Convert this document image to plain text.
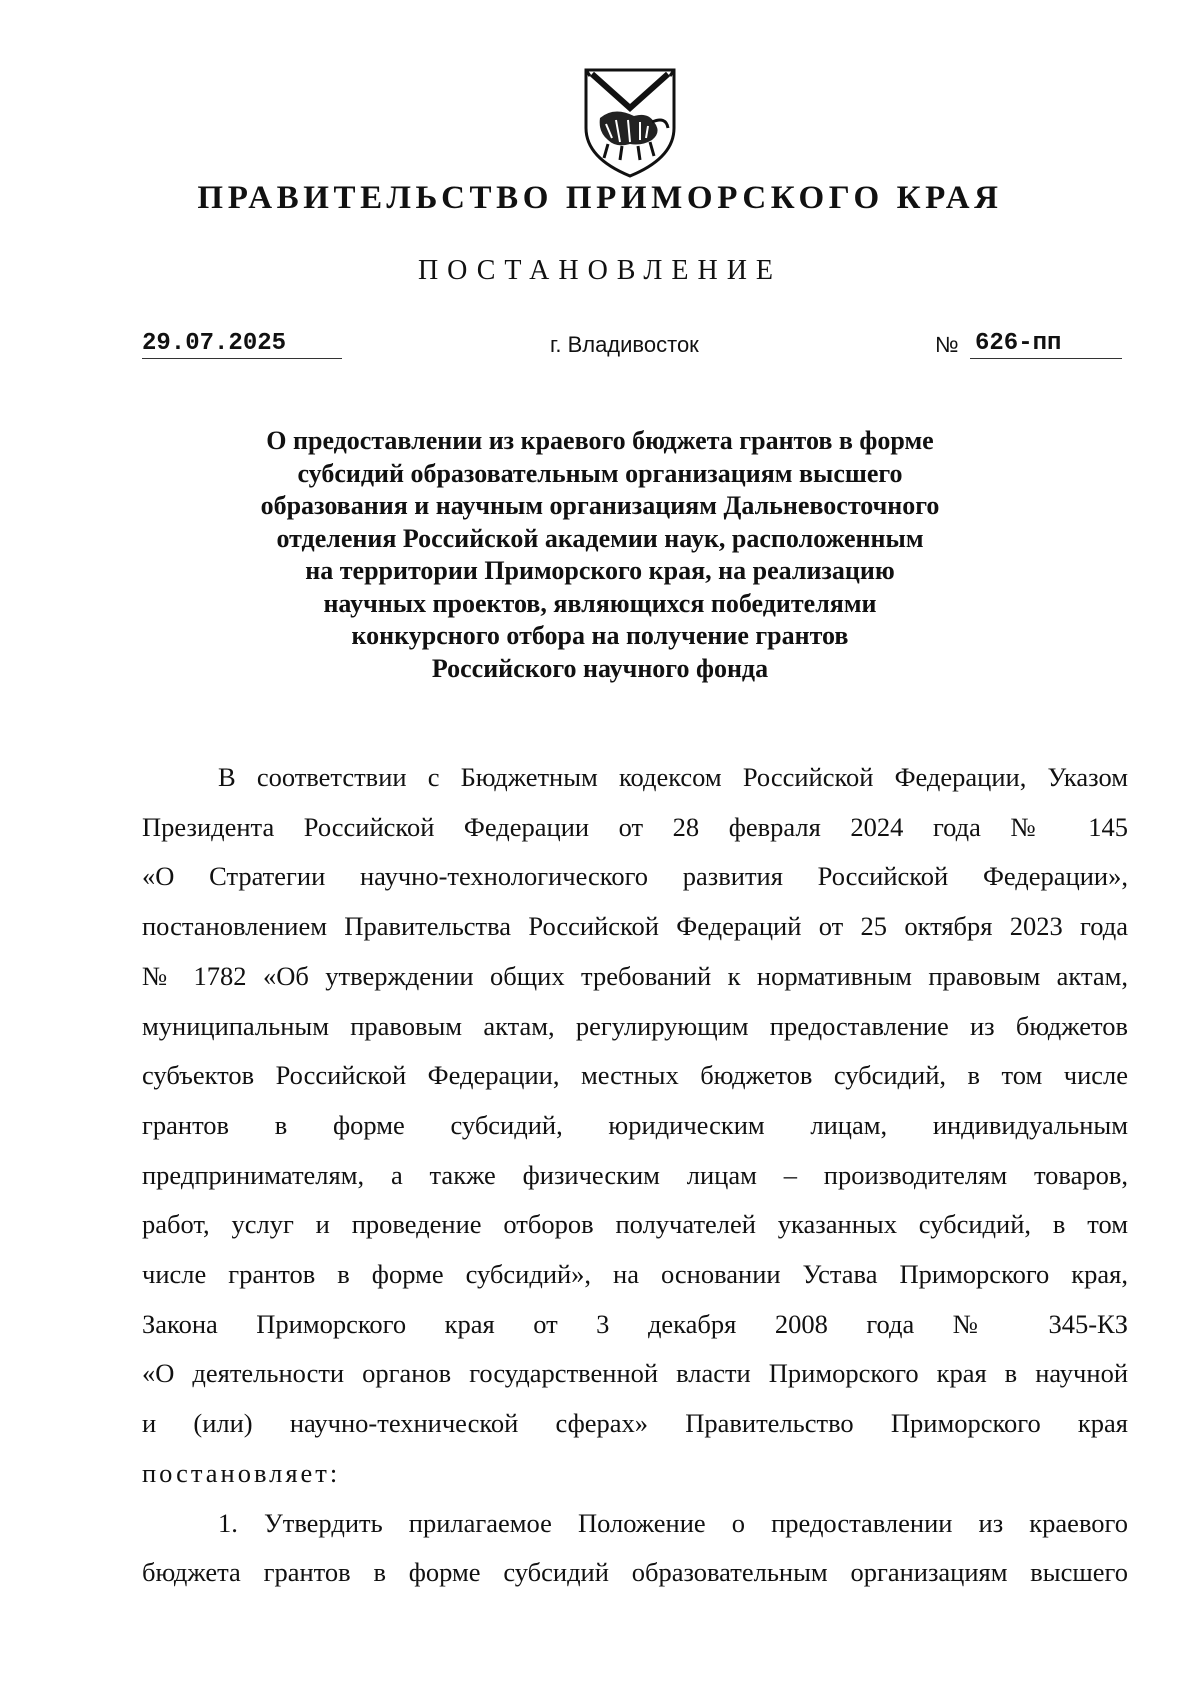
ПРАВИТЕЛЬСТВО ПРИМОРСКОГО КРАЯ
ПОСТАНОВЛЕНИЕ
29.07.2025	г. Владивосток	№ 626-пп
О предоставлении из краевого бюджета грантов в форме
субсидий образовательным организациям высшего
образования и научным организациям Дальневосточного
отделения Российской академии наук, расположенным
на территории Приморского края, на реализацию
научных проектов, являющихся победителями
конкурсного отбора на получение грантов
Российского научного фонда
В соответствии с Бюджетным кодексом Российской Федерации, Указом
Президента Российской Федерации от 28 февраля 2024 года № 145
«О Стратегии научно-технологического развития Российской Федерации»,
постановлением Правительства Российской Федераций от 25 октября 2023 года
№ 1782 «Об утверждении общих требований к нормативным правовым актам,
муниципальным правовым актам, регулирующим предоставление из бюджетов
субъектов Российской Федерации, местных бюджетов субсидий, в том числе
грантов в форме субсидий, юридическим лицам, индивидуальным
предпринимателям, а также физическим лицам – производителям товаров,
работ, услуг и проведение отборов получателей указанных субсидий, в том
числе грантов в форме субсидий», на основании Устава Приморского края,
Закона Приморского края от 3 декабря 2008 года № 345-КЗ
«О деятельности органов государственной власти Приморского края в научной
и (или) научно-технической сферах» Правительство Приморского края
постановляет:
1. Утвердить прилагаемое Положение о предоставлении из краевого
бюджета грантов в форме субсидий образовательным организациям высшего
